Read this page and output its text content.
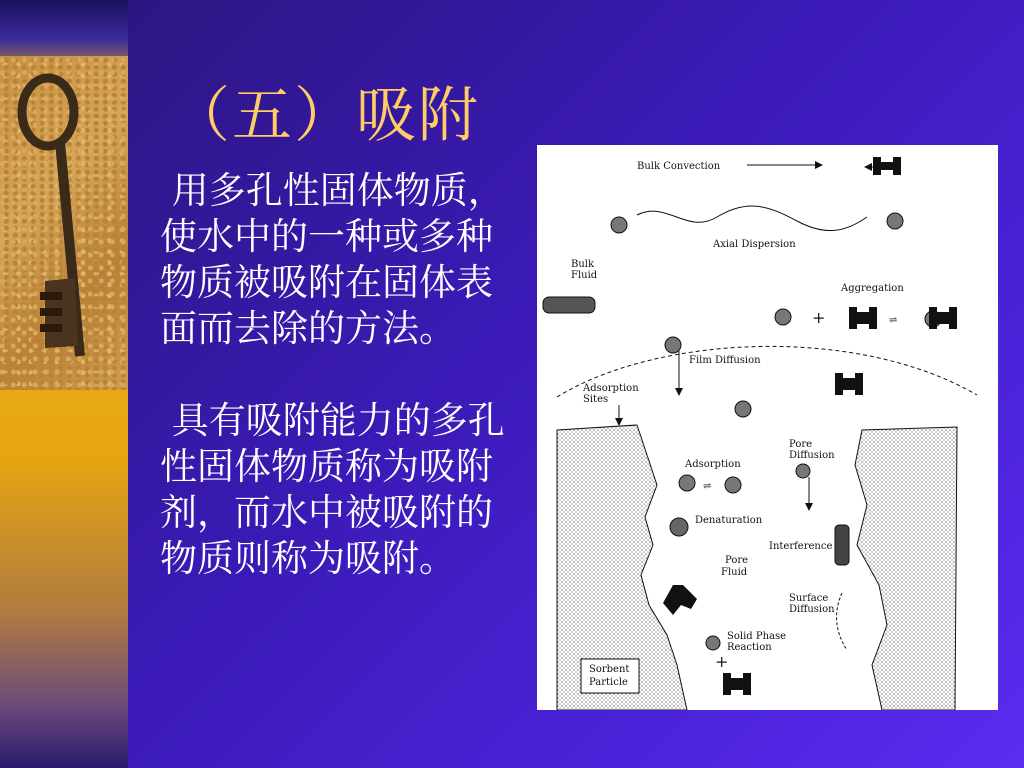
（五）吸附
用多孔性固体物质，使水中的一种或多种物质被吸附在固体表面而去除的方法。
具有吸附能力的多孔性固体物质称为吸附剂，而水中被吸附的物质则称为吸附。
Bulk Convection
Axial Dispersion
Bulk
Fluid
Aggregation
+	⇌
Film Diffusion
Adsorption
Sites
Pore
Diffusion
Adsorption
⇌
Denaturation
Pore
Fluid
Interference
Surface
Diffusion
Solid Phase
Reaction
+
Sorbent
Particle
